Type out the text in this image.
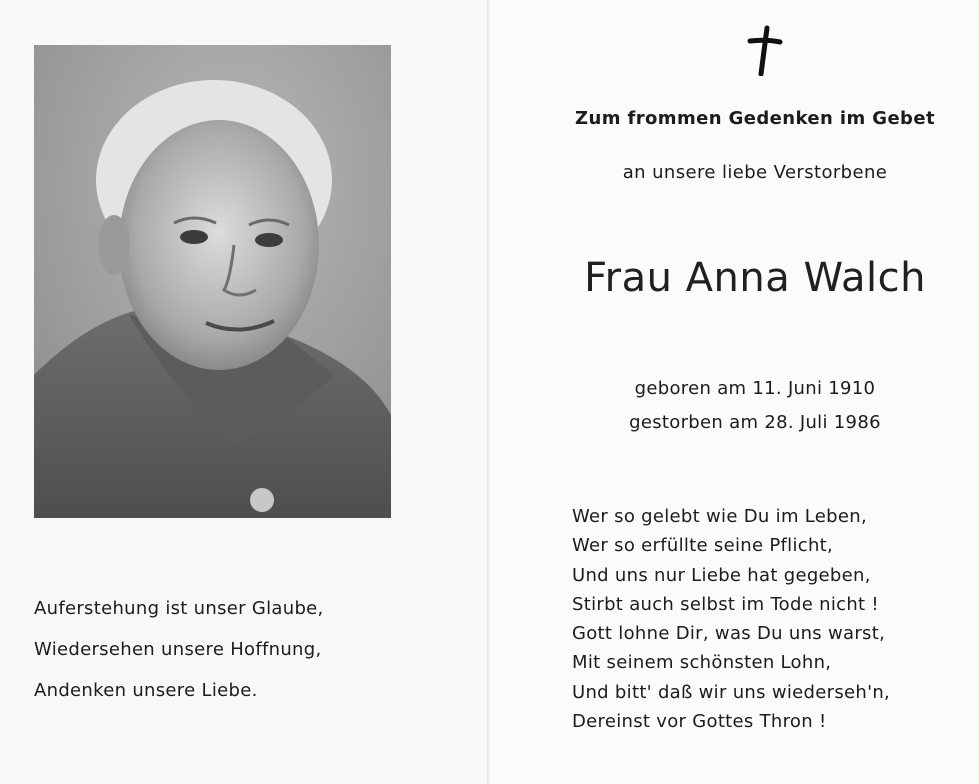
Auferstehung ist unser Glaube,
Wiedersehen unsere Hoffnung,
Andenken unsere Liebe.
Zum frommen Gedenken im Gebet
an unsere liebe Verstorbene
Frau Anna Walch
geboren am 11. Juni 1910
gestorben am 28. Juli 1986
Wer so gelebt wie Du im Leben,
Wer so erfüllte seine Pflicht,
Und uns nur Liebe hat gegeben,
Stirbt auch selbst im Tode nicht !
Gott lohne Dir, was Du uns warst,
Mit seinem schönsten Lohn,
Und bitt' daß wir uns wiederseh'n,
Dereinst vor Gottes Thron !
